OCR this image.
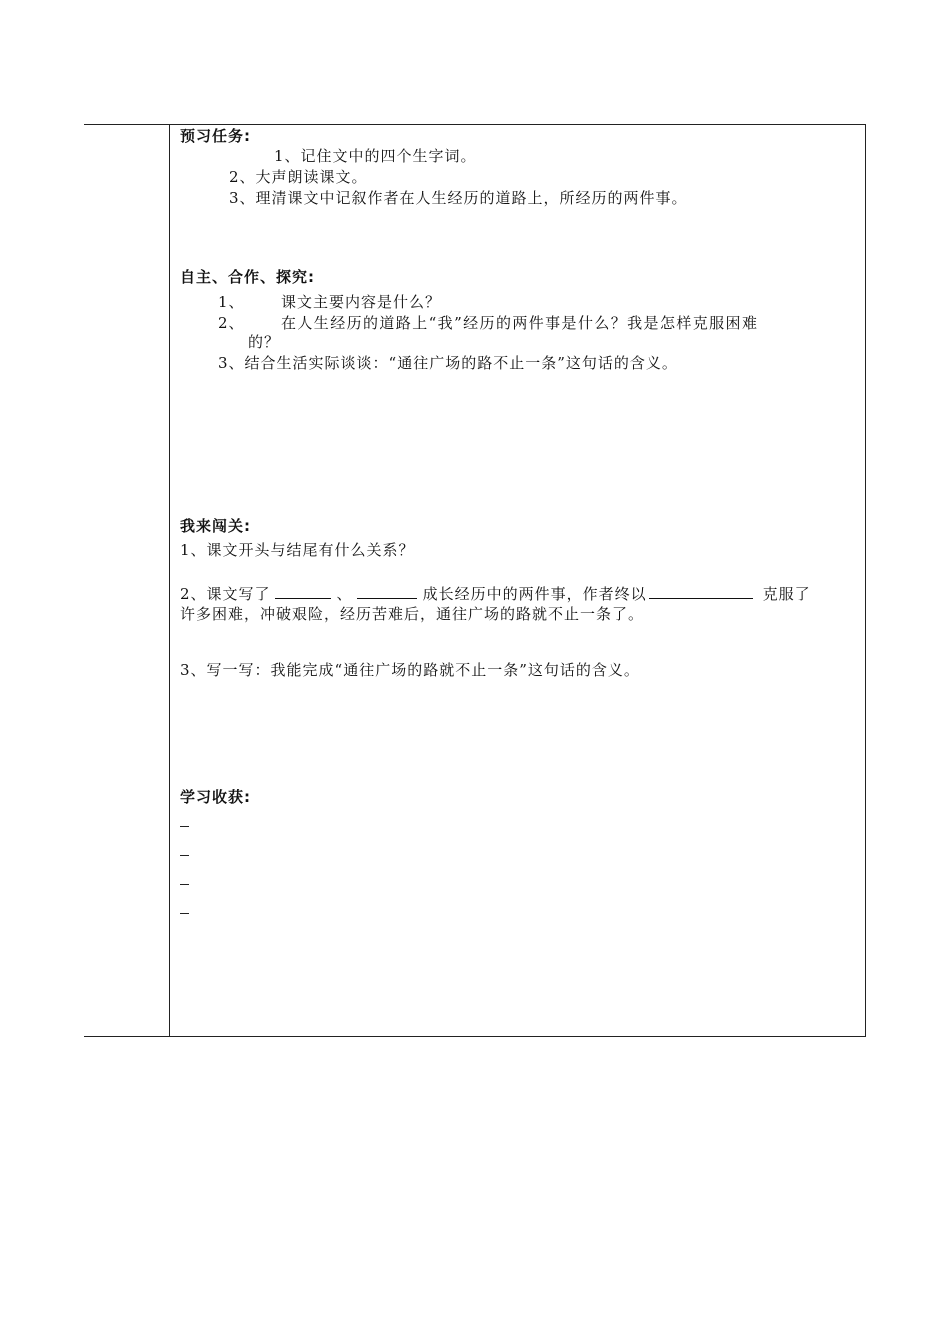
预习任务:
1、记住文中的四个生字词。
2、大声朗读课文。
3、理清课文中记叙作者在人生经历的道路上，所经历的两件事。
自主、合作、探究:
1、 课文主要内容是什么？
2、 在人生经历的道路上“我”经历的两件事是什么？我是怎样克服困难
的？
3、结合生活实际谈谈：“通往广场的路不止一条”这句话的含义。
我来闯关:
1、课文开头与结尾有什么关系？
2、课文写了	、	成长经历中的两件事，作者终以	克服了
许多困难，冲破艰险，经历苦难后，通往广场的路就不止一条了。
3、写一写：我能完成“通往广场的路就不止一条”这句话的含义。
学习收获:
